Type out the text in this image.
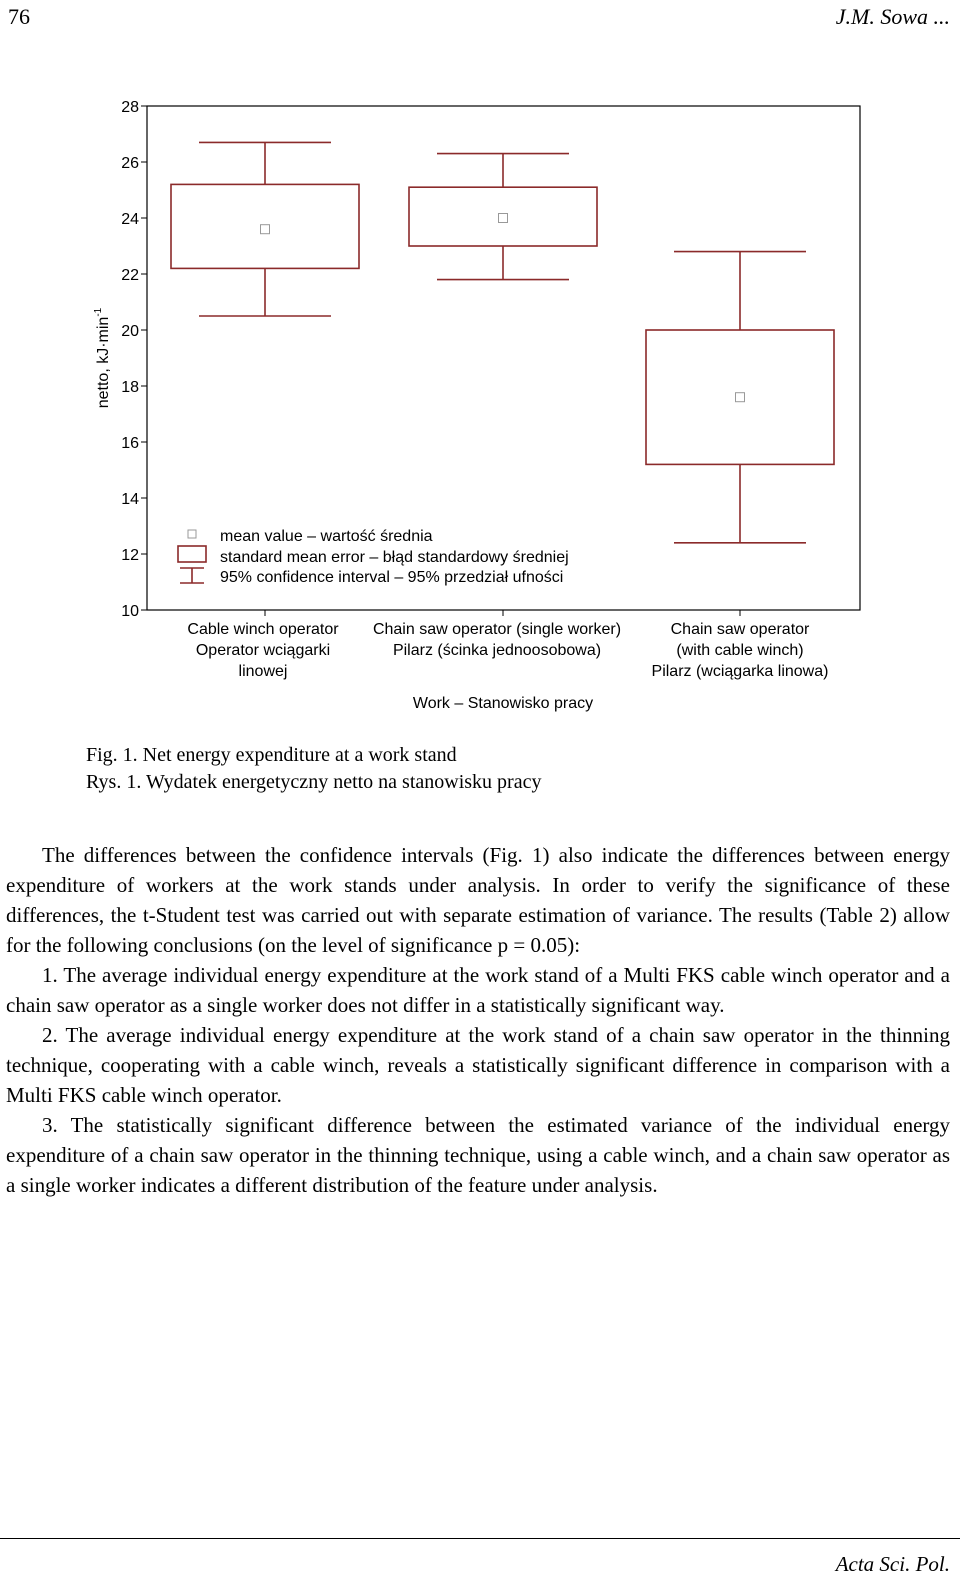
76	J.M. Sowa ...
10
12
14
16
18
20
22
24
26
28
mean value – wartość średnia
standard mean error – błąd standardowy średniej
95% confidence interval – 95% przedział ufności
netto, $kJ\cdot\min^{-1}$
Cable winch operator
Operator wciągarki
linowej
Chain saw operator (single worker)
Pilarz (ścinka jednoosobowa)
Chain saw operator
(with cable winch)
Pilarz (wciągarka linowa)
Work – Stanowisko pracy
Fig. 1. Net energy expenditure at a work stand
Rys. 1. Wydatek energetyczny netto na stanowisku pracy

The differences between the confidence intervals (Fig. 1) also indicate the differences between energy expenditure of workers at the work stands under analysis. In order to verify the significance of these differences, the t-Student test was carried out with separate estimation of variance. The results (Table 2) allow for the following conclusions (on the level of significance p = 0.05):

1. The average individual energy expenditure at the work stand of a Multi FKS cable winch operator and a chain saw operator as a single worker does not differ in a statistically significant way.

2. The average individual energy expenditure at the work stand of a chain saw operator in the thinning technique, cooperating with a cable winch, reveals a statistically significant difference in comparison with a Multi FKS cable winch operator.

3. The statistically significant difference between the estimated variance of the individual energy expenditure of a chain saw operator in the thinning technique, using a cable winch, and a chain saw operator as a single worker indicates a different distribution of the feature under analysis.

Acta Sci. Pol.
